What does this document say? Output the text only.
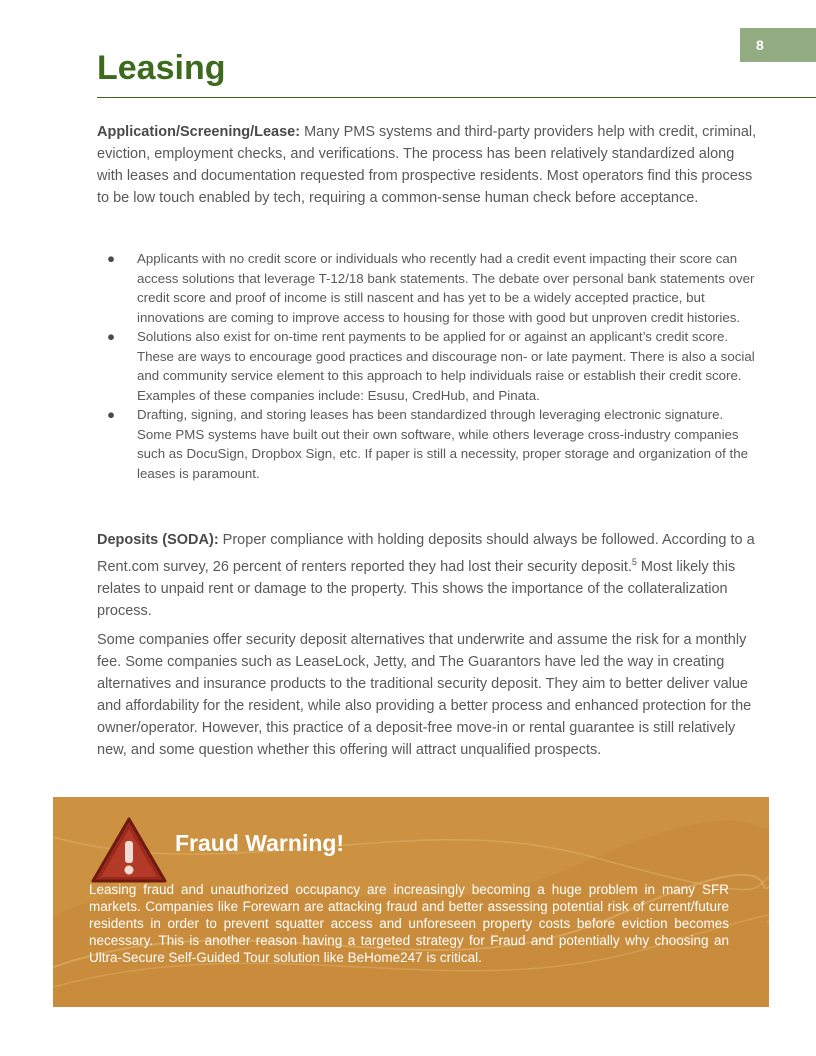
8
Leasing

Application/Screening/Lease: Many PMS systems and third-party providers help with credit, criminal, eviction, employment checks, and verifications. The process has been relatively standardized along with leases and documentation requested from prospective residents. Most operators find this process to be low touch enabled by tech, requiring a common-sense human check before acceptance.

● Applicants with no credit score or individuals who recently had a credit event impacting their score can access solutions that leverage T-12/18 bank statements. The debate over personal bank statements over credit score and proof of income is still nascent and has yet to be a widely accepted practice, but innovations are coming to improve access to housing for those with good but unproven credit histories.
● Solutions also exist for on-time rent payments to be applied for or against an applicant’s credit score. These are ways to encourage good practices and discourage non- or late payment. There is also a social and community service element to this approach to help individuals raise or establish their credit score. Examples of these companies include: Esusu, CredHub, and Pinata.
● Drafting, signing, and storing leases has been standardized through leveraging electronic signature. Some PMS systems have built out their own software, while others leverage cross-industry companies such as DocuSign, Dropbox Sign, etc. If paper is still a necessity, proper storage and organization of the leases is paramount.

Deposits (SODA): Proper compliance with holding deposits should always be followed. According to a Rent.com survey, 26 percent of renters reported they had lost their security deposit.$^5$ Most likely this relates to unpaid rent or damage to the property. This shows the importance of the collateralization process.

Some companies offer security deposit alternatives that underwrite and assume the risk for a monthly fee. Some companies such as LeaseLock, Jetty, and The Guarantors have led the way in creating alternatives and insurance products to the traditional security deposit. They aim to better deliver value and affordability for the resident, while also providing a better process and enhanced protection for the owner/operator. However, this practice of a deposit-free move-in or rental guarantee is still relatively new, and some question whether this offering will attract unqualified prospects.

Fraud Warning!

Leasing fraud and unauthorized occupancy are increasingly becoming a huge problem in many SFR markets. Companies like Forewarn are attacking fraud and better assessing potential risk of current/future residents in order to prevent squatter access and unforeseen property costs before eviction becomes necessary. This is another reason having a targeted strategy for Fraud and potentially why choosing an Ultra-Secure Self-Guided Tour solution like BeHome247 is critical.
